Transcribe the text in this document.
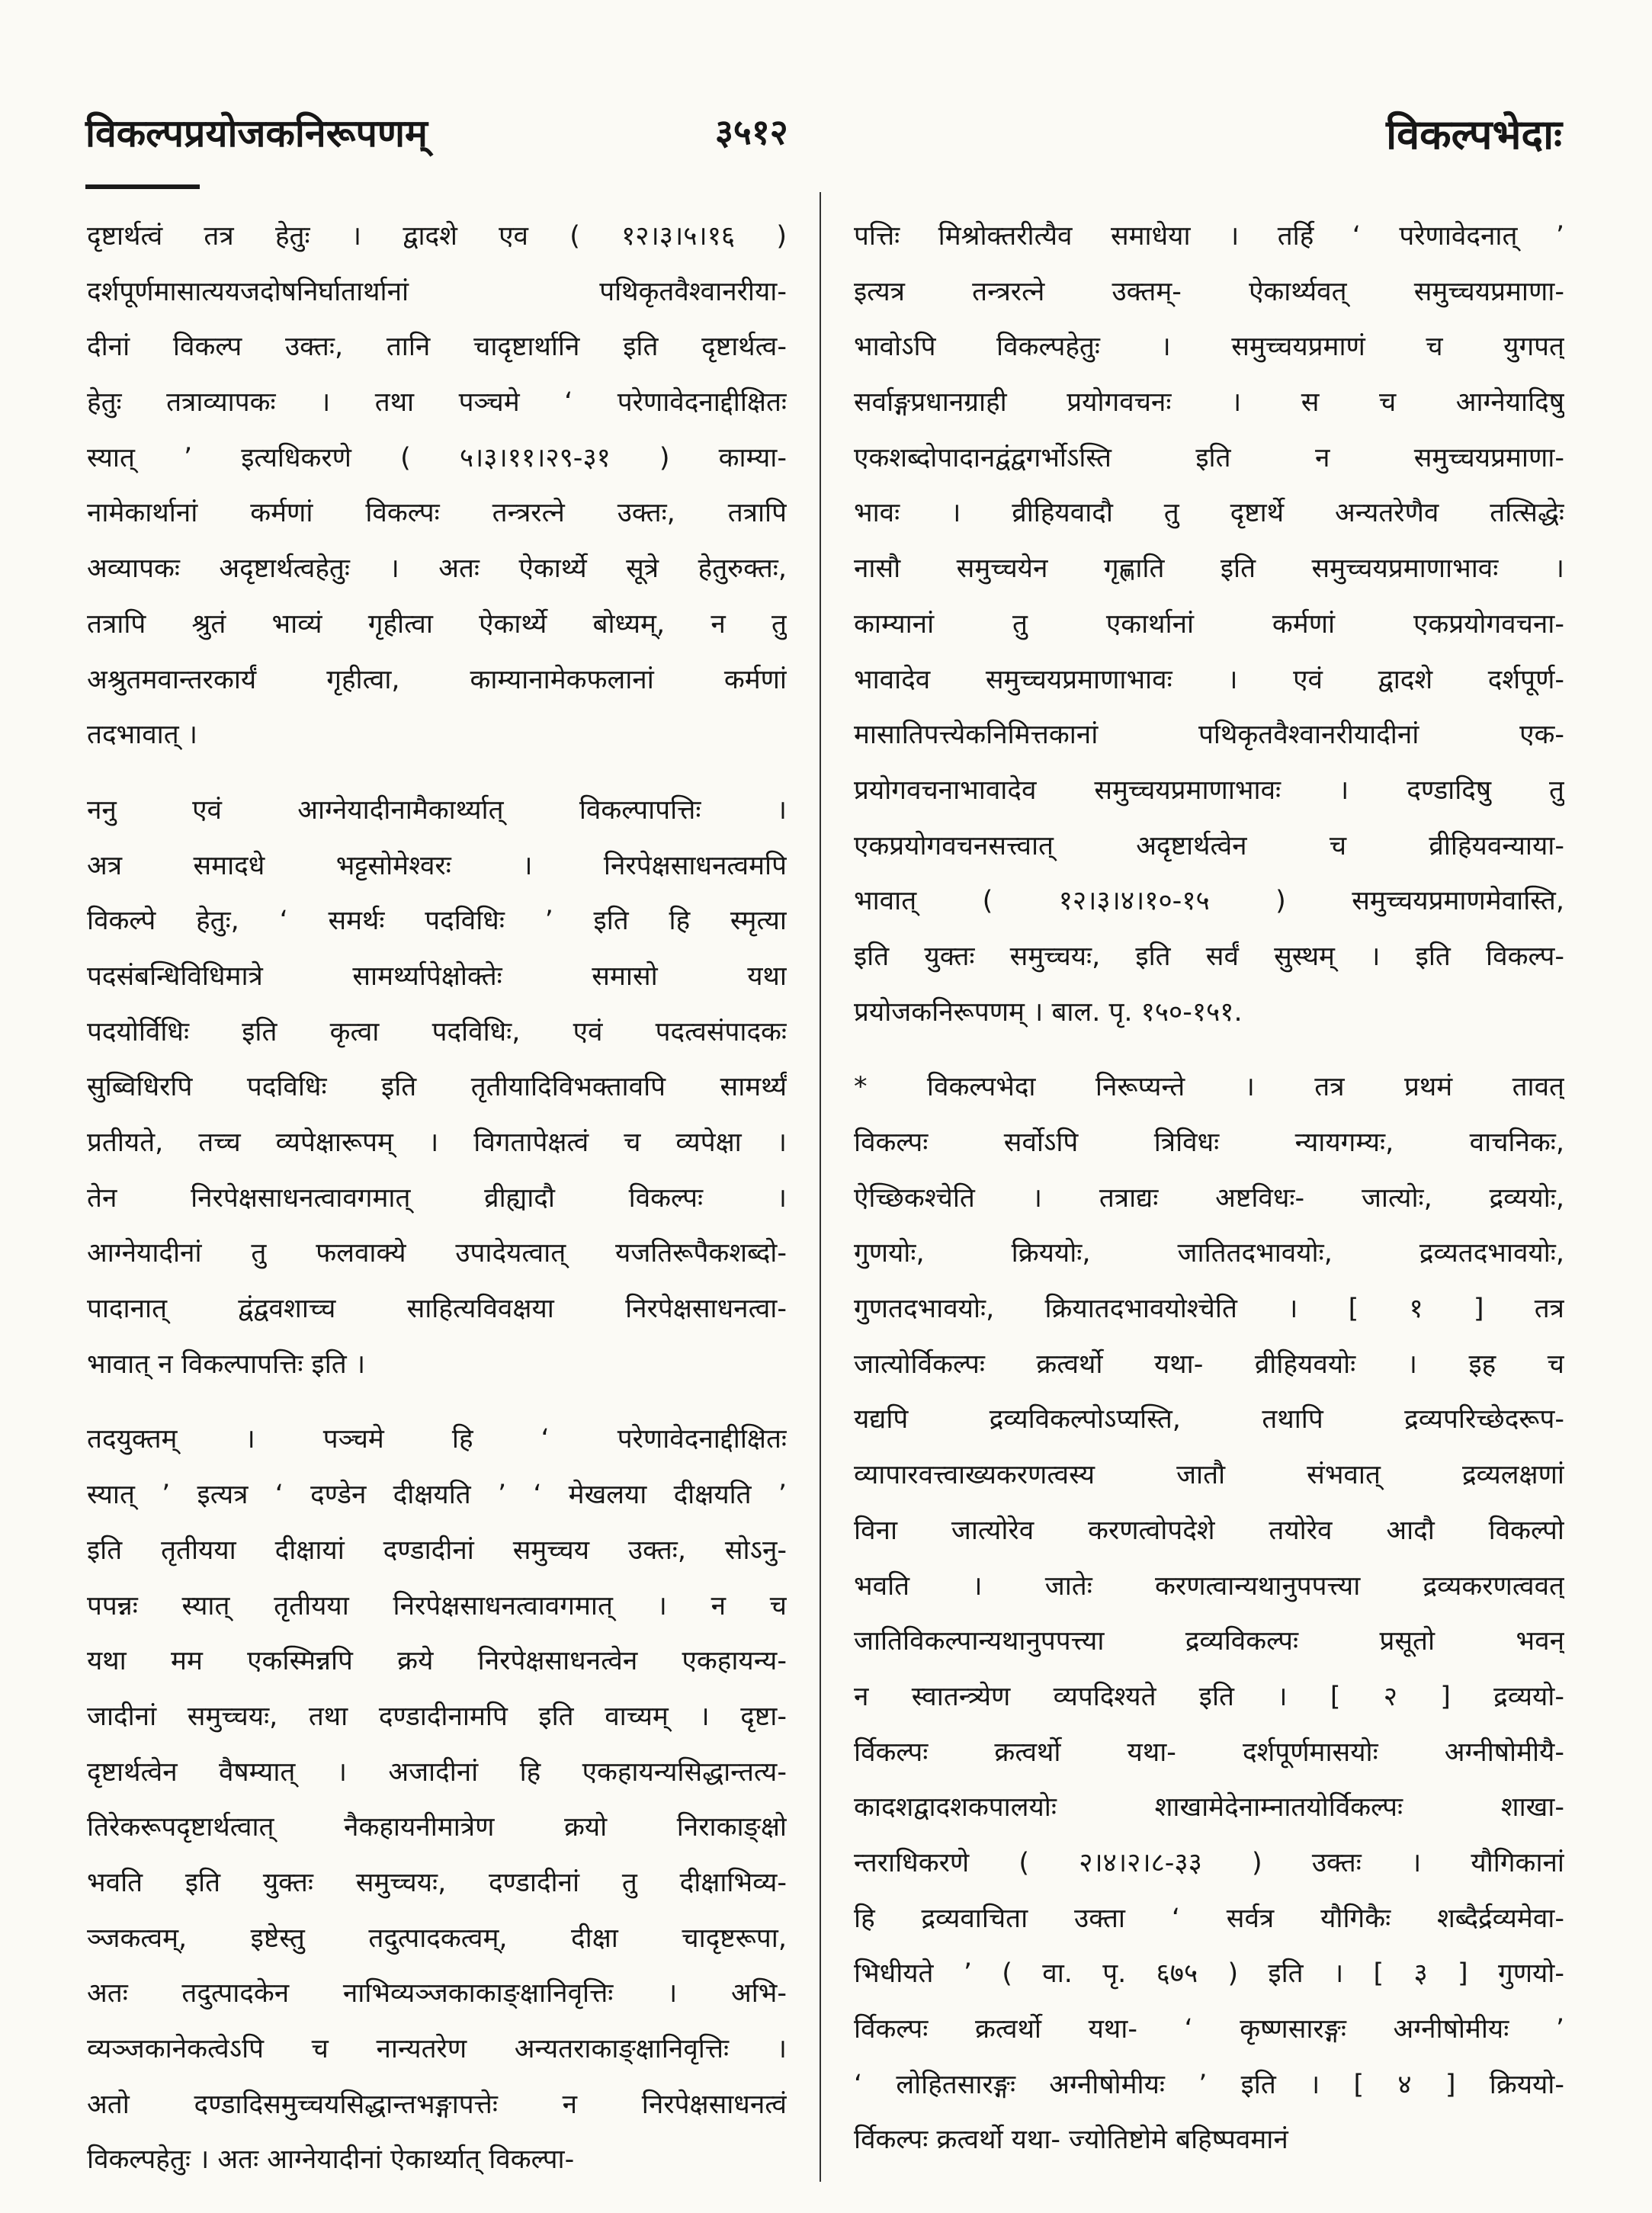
विकल्पप्रयोजकनिरूपणम्	३५१२	विकल्पभेदाः
दृष्टार्थत्वं तत्र हेतुः । द्वादशे एव ( १२।३।५।१६ )
दर्शपूर्णमासात्ययजदोषनिर्घातार्थानां पथिकृतवैश्वानरीया-
दीनां विकल्प उक्तः, तानि चादृष्टार्थानि इति दृष्टार्थत्व-
हेतुः तत्राव्यापकः । तथा पञ्चमे ‘ परेणावेदनाद्दीक्षितः
स्यात् ’ इत्यधिकरणे ( ५।३।११।२९-३१ ) काम्या-
नामेकार्थानां कर्मणां विकल्पः तन्त्ररत्ने उक्तः, तत्रापि
अव्यापकः अदृष्टार्थत्वहेतुः । अतः ऐकार्थ्ये सूत्रे हेतुरुक्तः,
तत्रापि श्रुतं भाव्यं गृहीत्वा ऐकार्थ्ये बोध्यम्, न तु
अश्रुतमवान्तरकार्यं गृहीत्वा, काम्यानामेकफलानां कर्मणां
तदभावात् ।
ननु एवं आग्नेयादीनामैकार्थ्यात् विकल्पापत्तिः ।
अत्र समादधे भट्टसोमेश्वरः । निरपेक्षसाधनत्वमपि
विकल्पे हेतुः, ‘ समर्थः पदविधिः ’ इति हि स्मृत्या
पदसंबन्धिविधिमात्रे सामर्थ्यापेक्षोक्तेः समासो यथा
पदयोर्विधिः इति कृत्वा पदविधिः, एवं पदत्वसंपादकः
सुब्विधिरपि पदविधिः इति तृतीयादिविभक्तावपि सामर्थ्यं
प्रतीयते, तच्च व्यपेक्षारूपम् । विगतापेक्षत्वं च व्यपेक्षा ।
तेन निरपेक्षसाधनत्वावगमात् व्रीह्यादौ विकल्पः ।
आग्नेयादीनां तु फलवाक्ये उपादेयत्वात् यजतिरूपैकशब्दो-
पादानात् द्वंद्ववशाच्च साहित्यविवक्षया निरपेक्षसाधनत्वा-
भावात् न विकल्पापत्तिः इति ।
तदयुक्तम् । पञ्चमे हि ‘ परेणावेदनाद्दीक्षितः
स्यात् ’ इत्यत्र ‘ दण्डेन दीक्षयति ’ ‘ मेखलया दीक्षयति ’
इति तृतीयया दीक्षायां दण्डादीनां समुच्चय उक्तः, सोऽनु-
पपन्नः स्यात् तृतीयया निरपेक्षसाधनत्वावगमात् । न च
यथा मम एकस्मिन्नपि क्रये निरपेक्षसाधनत्वेन एकहायन्य-
जादीनां समुच्चयः, तथा दण्डादीनामपि इति वाच्यम् । दृष्टा-
दृष्टार्थत्वेन वैषम्यात् । अजादीनां हि एकहायन्यसिद्धान्तत्य-
तिरेकरूपदृष्टार्थत्वात् नैकहायनीमात्रेण क्रयो निराकाङ्क्षो
भवति इति युक्तः समुच्चयः, दण्डादीनां तु दीक्षाभिव्य-
ञ्जकत्वम्, इष्टेस्तु तदुत्पादकत्वम्, दीक्षा चादृष्टरूपा,
अतः तदुत्पादकेन नाभिव्यञ्जकाकाङ्क्षानिवृत्तिः । अभि-
व्यञ्जकानेकत्वेऽपि च नान्यतरेण अन्यतराकाङ्क्षानिवृत्तिः ।
अतो दण्डादिसमुच्चयसिद्धान्तभङ्गापत्तेः न निरपेक्षसाधनत्वं
विकल्पहेतुः । अतः आग्नेयादीनां ऐकार्थ्यात् विकल्पा-
पत्तिः मिश्रोक्तरीत्यैव समाधेया । तर्हि ‘ परेणावेदनात् ’
इत्यत्र तन्त्ररत्ने उक्तम्- ऐकार्थ्यवत् समुच्चयप्रमाणा-
भावोऽपि विकल्पहेतुः । समुच्चयप्रमाणं च युगपत्
सर्वाङ्गप्रधानग्राही प्रयोगवचनः । स च आग्नेयादिषु
एकशब्दोपादानद्वंद्वगर्भोऽस्ति इति न समुच्चयप्रमाणा-
भावः । व्रीहियवादौ तु दृष्टार्थे अन्यतरेणैव तत्सिद्धेः
नासौ समुच्चयेन गृह्णाति इति समुच्चयप्रमाणाभावः ।
काम्यानां तु एकार्थानां कर्मणां एकप्रयोगवचना-
भावादेव समुच्चयप्रमाणाभावः । एवं द्वादशे दर्शपूर्ण-
मासातिपत्त्येकनिमित्तकानां पथिकृतवैश्वानरीयादीनां एक-
प्रयोगवचनाभावादेव समुच्चयप्रमाणाभावः । दण्डादिषु तु
एकप्रयोगवचनसत्त्वात् अदृष्टार्थत्वेन च व्रीहियवन्याया-
भावात् ( १२।३।४।१०-१५ ) समुच्चयप्रमाणमेवास्ति,
इति युक्तः समुच्चयः, इति सर्वं सुस्थम् । इति विकल्प-
प्रयोजकनिरूपणम् । बाल. पृ. १५०-१५१.
* विकल्पभेदा निरूप्यन्ते । तत्र प्रथमं तावत्
विकल्पः सर्वोऽपि त्रिविधः न्यायगम्यः, वाचनिकः,
ऐच्छिकश्चेति । तत्राद्यः अष्टविधः- जात्योः, द्रव्ययोः,
गुणयोः, क्रिययोः, जातितदभावयोः, द्रव्यतदभावयोः,
गुणतदभावयोः, क्रियातदभावयोश्चेति । [ १ ] तत्र
जात्योर्विकल्पः क्रत्वर्थो यथा- व्रीहियवयोः । इह च
यद्यपि द्रव्यविकल्पोऽप्यस्ति, तथापि द्रव्यपरिच्छेदरूप-
व्यापारवत्त्वाख्यकरणत्वस्य जातौ संभवात् द्रव्यलक्षणां
विना जात्योरेव करणत्वोपदेशे तयोरेव आदौ विकल्पो
भवति । जातेः करणत्वान्यथानुपपत्त्या द्रव्यकरणत्ववत्
जातिविकल्पान्यथानुपपत्त्या द्रव्यविकल्पः प्रसूतो भवन्
न स्वातन्त्र्येण व्यपदिश्यते इति । [ २ ] द्रव्ययो-
र्विकल्पः क्रत्वर्थो यथा- दर्शपूर्णमासयोः अग्नीषोमीयै-
कादशद्वादशकपालयोः शाखामेदेनाम्नातयोर्विकल्पः शाखा-
न्तराधिकरणे ( २।४।२।८-३३ ) उक्तः । यौगिकानां
हि द्रव्यवाचिता उक्ता ‘ सर्वत्र यौगिकैः शब्दैर्द्रव्यमेवा-
भिधीयते ’ ( वा. पृ. ६७५ ) इति । [ ३ ] गुणयो-
र्विकल्पः क्रत्वर्थो यथा- ‘ कृष्णसारङ्गः अग्नीषोमीयः ’
‘ लोहितसारङ्गः अग्नीषोमीयः ’ इति । [ ४ ] क्रिययो-
र्विकल्पः क्रत्वर्थो यथा- ज्योतिष्टोमे बहिष्पवमानं
